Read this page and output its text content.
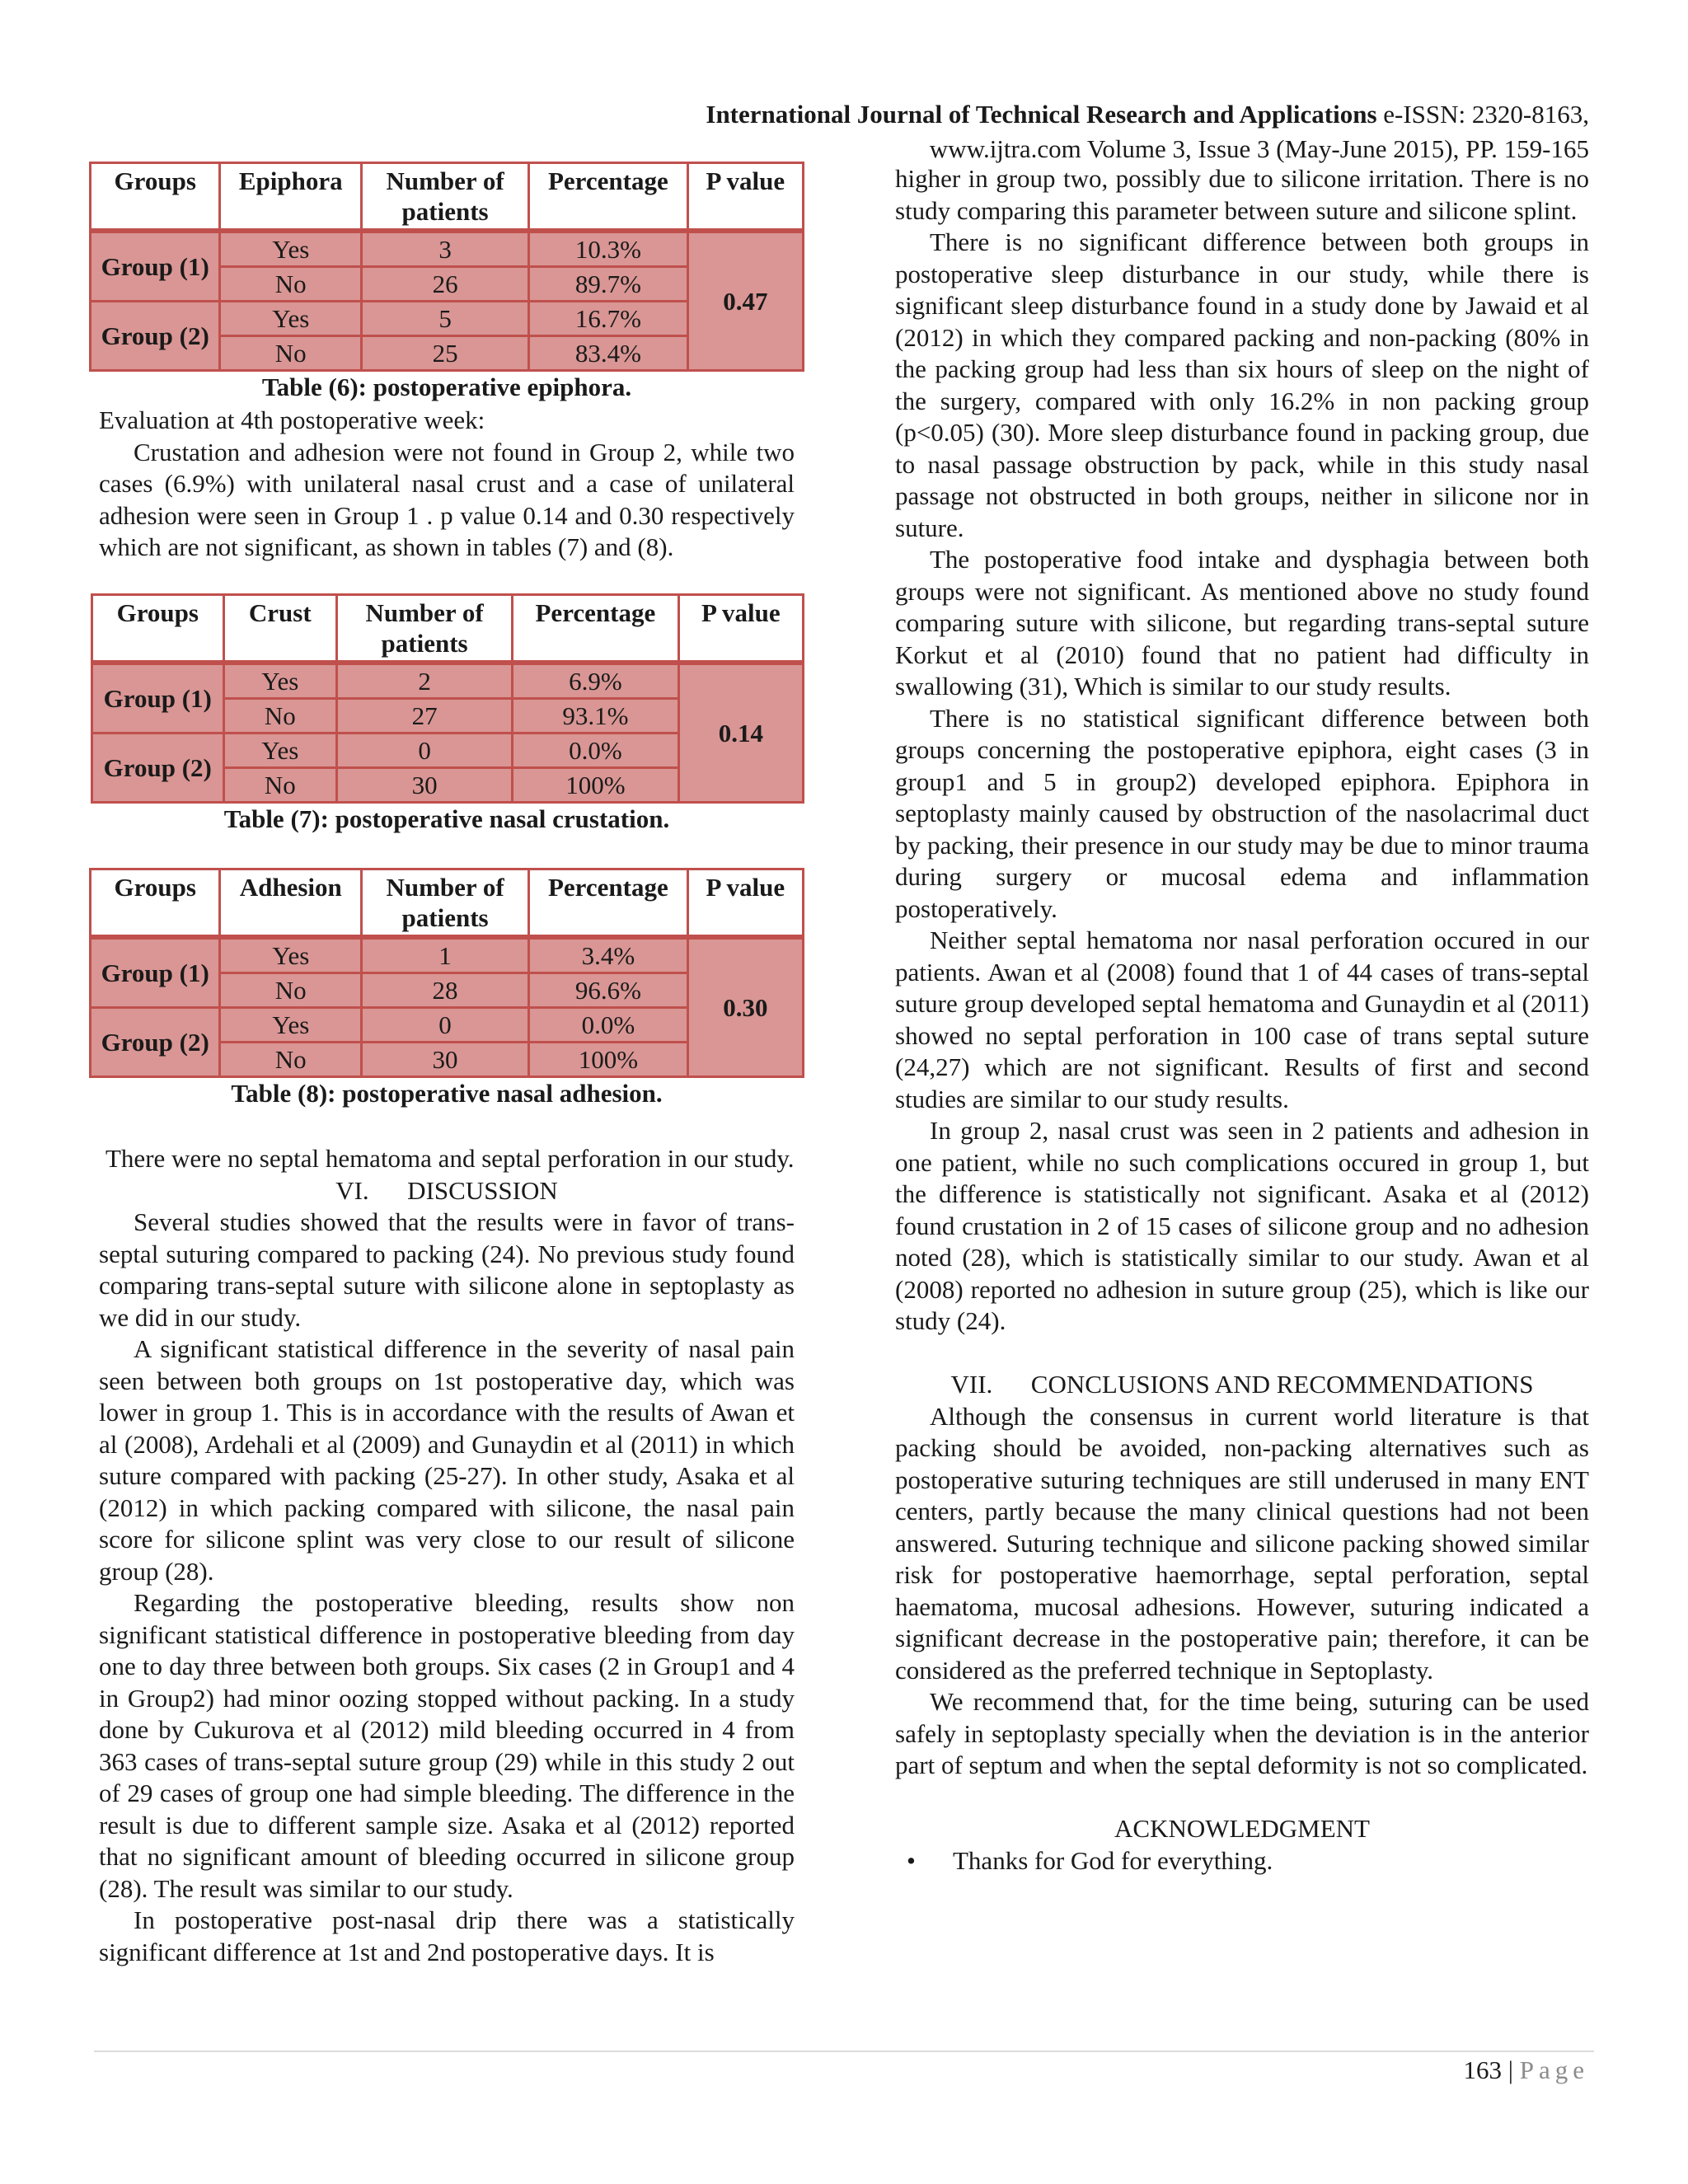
International Journal of Technical Research and Applications e-ISSN: 2320-8163,
www.ijtra.com Volume 3, Issue 3 (May-June 2015), PP. 159-165
Groups	Epiphora	Number of patients	Percentage	P value
Group (1)	Yes	3	10.3%	0.47
	No	26	89.7%	
Group (2)	Yes	5	16.7%	
	No	25	83.4%	
Table (6): postoperative epiphora.

Evaluation at 4th postoperative week:

Crustation and adhesion were not found in Group 2, while two cases (6.9%) with unilateral nasal crust and a case of unilateral adhesion were seen in Group 1 . p value 0.14 and 0.30 respectively which are not significant, as shown in tables (7) and (8).

Groups	Crust	Number of patients	Percentage	P value
Group (1)	Yes	2	6.9%	0.14
	No	27	93.1%	
Group (2)	Yes	0	0.0%	
	No	30	100%	
Table (7): postoperative nasal crustation.
Groups	Adhesion	Number of patients	Percentage	P value
Group (1)	Yes	1	3.4%	0.30
	No	28	96.6%	
Group (2)	Yes	0	0.0%	
	No	30	100%	
Table (8): postoperative nasal adhesion.

There were no septal hematoma and septal perforation in our study.

VI.      DISCUSSION

Several studies showed that the results were in favor of trans-septal suturing compared to packing (24). No previous study found comparing trans-septal suture with silicone alone in septoplasty as we did in our study.

A significant statistical difference in the severity of nasal pain seen between both groups on 1st postoperative day, which was lower in group 1. This is in accordance with the results of Awan et al (2008), Ardehali et al (2009) and Gunaydin et al (2011) in which suture compared with packing (25-27). In other study, Asaka et al (2012) in which packing compared with silicone, the nasal pain score for silicone splint was very close to our result of silicone group (28).

Regarding the postoperative bleeding, results show non significant statistical difference in postoperative bleeding from day one to day three between both groups. Six cases (2 in Group1 and 4 in Group2) had minor oozing stopped without packing. In a study done by Cukurova et al (2012) mild bleeding occurred in 4 from 363 cases of trans-septal suture group (29) while in this study 2 out of 29 cases of group one had simple bleeding. The difference in the result is due to different sample size. Asaka et al (2012) reported that no significant amount of bleeding occurred in silicone group (28). The result was similar to our study.

In postoperative post-nasal drip there was a statistically significant difference at 1st and 2nd postoperative days. It is

higher in group two, possibly due to silicone irritation. There is no study comparing this parameter between suture and silicone splint.

There is no significant difference between both groups in postoperative sleep disturbance in our study, while there is significant sleep disturbance found in a study done by Jawaid et al (2012) in which they compared packing and non-packing (80% in the packing group had less than six hours of sleep on the night of the surgery, compared with only 16.2% in non packing group (p<0.05) (30). More sleep disturbance found in packing group, due to nasal passage obstruction by pack, while in this study nasal passage not obstructed in both groups, neither in silicone nor in suture.

The postoperative food intake and dysphagia between both groups were not significant. As mentioned above no study found comparing suture with silicone, but regarding trans-septal suture Korkut et al (2010) found that no patient had difficulty in swallowing (31), Which is similar to our study results.

There is no statistical significant difference between both groups concerning the postoperative epiphora, eight cases (3 in group1 and 5 in group2) developed epiphora. Epiphora in septoplasty mainly caused by obstruction of the nasolacrimal duct by packing, their presence in our study may be due to minor trauma during surgery or mucosal edema and inflammation postoperatively.

Neither septal hematoma nor nasal perforation occured in our patients. Awan et al (2008) found that 1 of 44 cases of trans-septal suture group developed septal hematoma and Gunaydin et al (2011) showed no septal perforation in 100 case of trans septal suture (24,27) which are not significant. Results of first and second studies are similar to our study results.

In group 2, nasal crust was seen in 2 patients and adhesion in one patient, while no such complications occured in group 1, but the difference is statistically not significant. Asaka et al (2012) found crustation in 2 of 15 cases of silicone group and no adhesion noted (28), which is statistically similar to our study. Awan et al (2008) reported no adhesion in suture group (25), which is like our study (24).

VII.      CONCLUSIONS AND RECOMMENDATIONS

Although the consensus in current world literature is that packing should be avoided, non-packing alternatives such as postoperative suturing techniques are still underused in many ENT centers, partly because the many clinical questions had not been answered. Suturing technique and silicone packing showed similar risk for postoperative haemorrhage, septal perforation, septal haematoma, mucosal adhesions. However, suturing indicated a significant decrease in the postoperative pain; therefore, it can be considered as the preferred technique in Septoplasty.

We recommend that, for the time being, suturing can be used safely in septoplasty specially when the deviation is in the anterior part of septum and when the septal deformity is not so complicated.

ACKNOWLEDGMENT

• Thanks for God for everything.
163 | Page
